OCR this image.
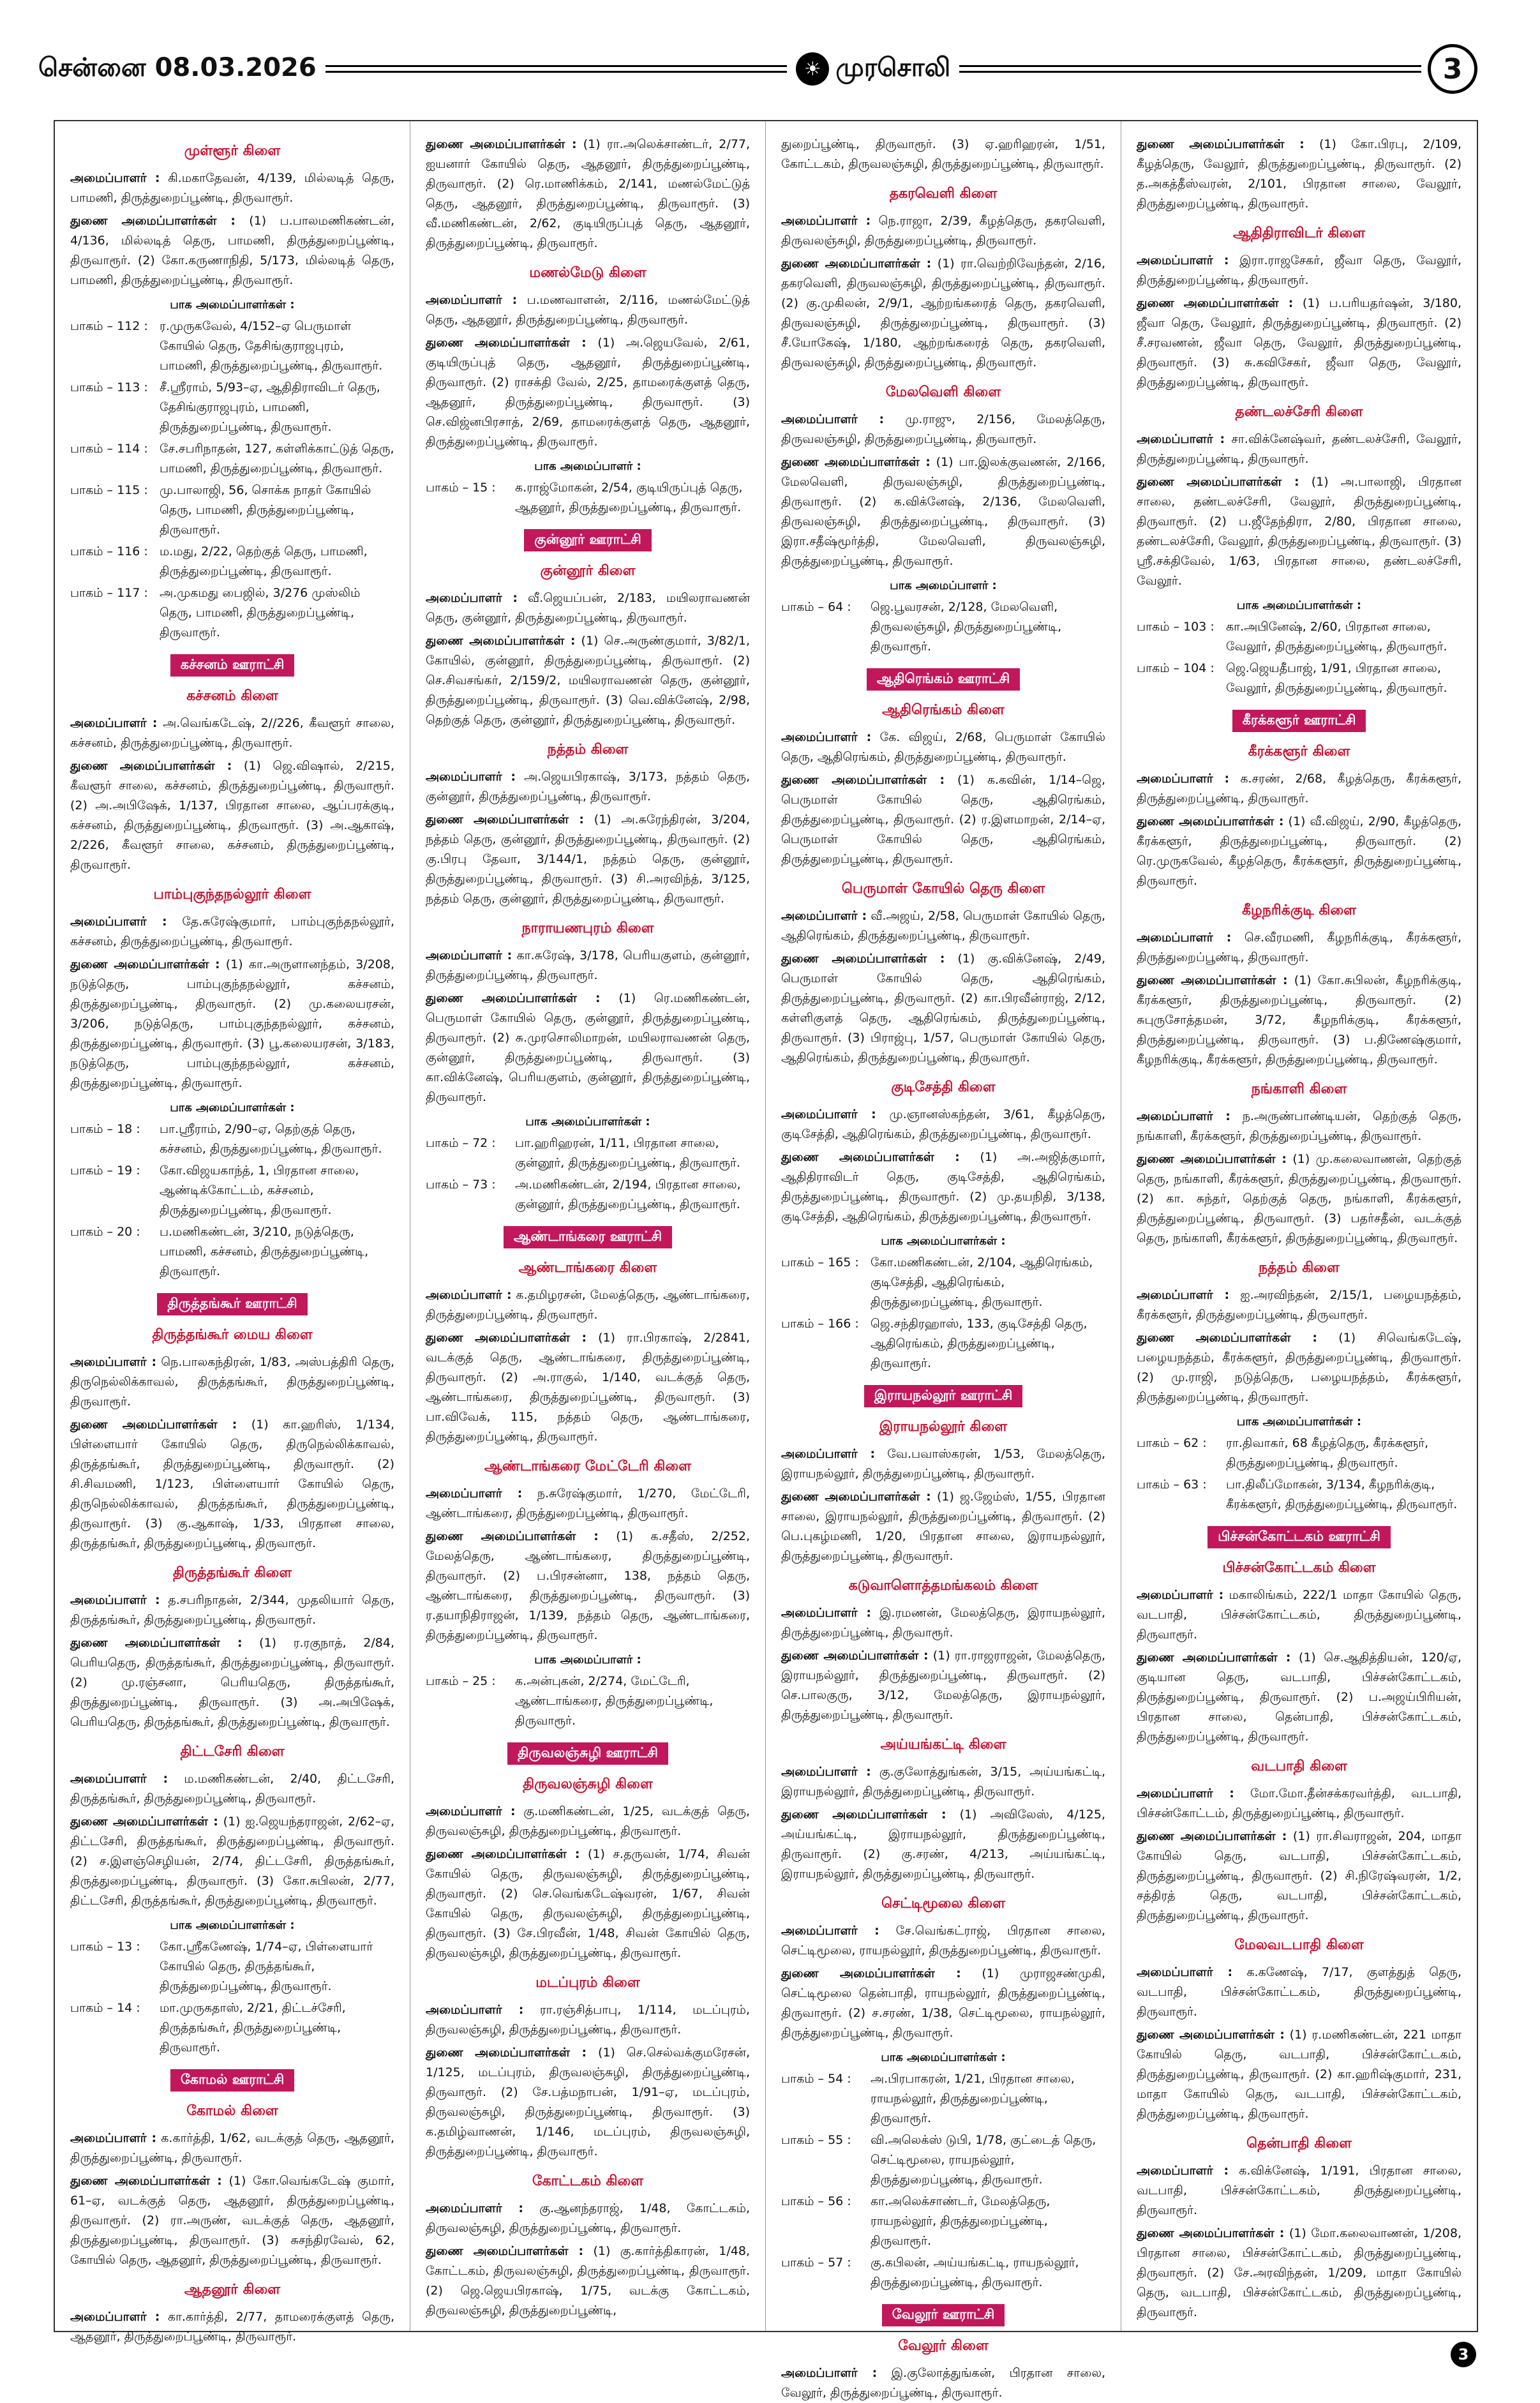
சென்னை 08.03.2026	☀ முரசொலி	3
முள்ளூர் கிளை
அமைப்பாளர் : கி.மகாதேவன், 4/139, மில்லடித் தெரு, பாமணி, திருத்துறைப்பூண்டி, திருவாரூர்.
துணை அமைப்பாளர்கள் : (1) ப.பாலமணிகண்டன், 4/136, மில்லடித் தெரு, பாமணி, திருத்துறைப்பூண்டி, திருவாரூர். (2) கோ.கருணாநிதி, 5/173, மில்லடித் தெரு, பாமணி, திருத்துறைப்பூண்டி, திருவாரூர்.
பாக அமைப்பாளர்கள் :
பாகம் – 112 : ர.முருகவேல், 4/152–ஏ பெருமாள் கோயில் தெரு, தேசிங்குராஜபுரம், பாமணி, திருத்துறைப்பூண்டி, திருவாரூர்.
பாகம் – 113 : சீ.ஸ்ரீராம், 5/93–ஏ, ஆதிதிராவிடர் தெரு, தேசிங்குராஜபுரம், பாமணி, திருத்துறைப்பூண்டி, திருவாரூர்.
பாகம் – 114 : சே.சபரிநாதன், 127, கள்ளிக்காட்டுத் தெரு, பாமணி, திருத்துறைப்பூண்டி, திருவாரூர்.
பாகம் – 115 : மு.பாலாஜி, 56, சொக்க நாதர் கோயில் தெரு, பாமணி, திருத்துறைப்பூண்டி, திருவாரூர்.
பாகம் – 116 : ம.மது, 2/22, தெற்குத் தெரு, பாமணி, திருத்துறைப்பூண்டி, திருவாரூர்.
பாகம் – 117 : அ.முகமது பைஜில், 3/276 முஸ்லிம் தெரு, பாமணி, திருத்துறைப்பூண்டி, திருவாரூர்.
கச்சனம் ஊராட்சி
கச்சனம் கிளை
அமைப்பாளர் : அ.வெங்கடேஷ், 2//226, கீவளூர் சாலை, கச்சனம், திருத்துறைப்பூண்டி, திருவாரூர்.
துணை அமைப்பாளர்கள் : (1) ஜெ.விஷால், 2/215, கீவளூர் சாலை, கச்சனம், திருத்துறைப்பூண்டி, திருவாரூர். (2) அ.அபிஷேக், 1/137, பிரதான சாலை, ஆப்பரக்குடி, கச்சனம், திருத்துறைப்பூண்டி, திருவாரூர். (3) அ.ஆகாஷ், 2/226, கீவளூர் சாலை, கச்சனம், திருத்துறைப்பூண்டி, திருவாரூர்.
பாம்புகுந்தநல்லூர் கிளை
அமைப்பாளர் : தே.சுரேஷ்குமார், பாம்புகுந்தநல்லூர், கச்சனம், திருத்துறைப்பூண்டி, திருவாரூர்.
துணை அமைப்பாளர்கள் : (1) கா.அருளானந்தம், 3/208, நடுத்தெரு, பாம்புகுந்தநல்லூர், கச்சனம், திருத்துறைப்பூண்டி, திருவாரூர். (2) மு.கலையரசன், 3/206, நடுத்தெரு, பாம்புகுந்தநல்லூர், கச்சனம், திருத்துறைப்பூண்டி, திருவாரூர். (3) பூ.கலையரசன், 3/183, நடுத்தெரு, பாம்புகுந்தநல்லூர், கச்சனம், திருத்துறைப்பூண்டி, திருவாரூர்.
பாக அமைப்பாளர்கள் :
பாகம் – 18 :	பா.ஸ்ரீராம், 2/90–ஏ, தெற்குத் தெரு, கச்சனம், திருத்துறைப்பூண்டி, திருவாரூர்.
பாகம் – 19 :	கோ.விஜயகாந்த், 1, பிரதான சாலை, ஆண்டிக்கோட்டம், கச்சனம், திருத்துறைப்பூண்டி, திருவாரூர்.
பாகம் – 20 :	ப.மணிகண்டன், 3/210, நடுத்தெரு, பாமணி, கச்சனம், திருத்துறைப்பூண்டி, திருவாரூர்.
திருத்தங்கூர் ஊராட்சி
திருத்தங்கூர் மைய கிளை
அமைப்பாளர் : நெ.பாலகந்திரன், 1/83, அஸ்பத்திரி தெரு, திருநெல்லிக்காவல், திருத்தங்கூர், திருத்துறைப்பூண்டி, திருவாரூர்.
துணை அமைப்பாளர்கள் : (1) கா.ஹரிஸ், 1/134, பிள்ளையார் கோயில் தெரு, திருநெல்லிக்காவல், திருத்தங்கூர், திருத்துறைப்பூண்டி, திருவாரூர். (2) சி.சிவமணி, 1/123, பிள்ளையார் கோயில் தெரு, திருநெல்லிக்காவல், திருத்தங்கூர், திருத்துறைப்பூண்டி, திருவாரூர். (3) கு.ஆகாஷ், 1/33, பிரதான சாலை, திருத்தங்கூர், திருத்துறைப்பூண்டி, திருவாரூர்.
திருத்தங்கூர் கிளை
அமைப்பாளர் : த.சபரிநாதன், 2/344, முதலியார் தெரு, திருத்தங்கூர், திருத்துறைப்பூண்டி, திருவாரூர்.
துணை அமைப்பாளர்கள் : (1) ர.ரகுநாத், 2/84, பெரியதெரு, திருத்தங்கூர், திருத்துறைப்பூண்டி, திருவாரூர். (2) மு.ரஞ்சனா, பெரியதெரு, திருத்தங்கூர், திருத்துறைப்பூண்டி, திருவாரூர். (3) அ.அபிஷேக், பெரியதெரு, திருத்தங்கூர், திருத்துறைப்பூண்டி, திருவாரூர்.
திட்டசேரி கிளை
அமைப்பாளர் : ம.மணிகண்டன், 2/40, திட்டசேரி, திருத்தங்கூர், திருத்துறைப்பூண்டி, திருவாரூர்.
துணை அமைப்பாளர்கள் : (1) ஐ.ஜெயந்தராஜன், 2/62–ஏ, திட்டசேரி, திருத்தங்கூர், திருத்துறைப்பூண்டி, திருவாரூர். (2) ச.இளஞ்செழியன், 2/74, திட்டசேரி, திருத்தங்கூர், திருத்துறைப்பூண்டி, திருவாரூர். (3) கோ.சுபிலன், 2/77, திட்டசேரி, திருத்தங்கூர், திருத்துறைப்பூண்டி, திருவாரூர்.
பாக அமைப்பாளர்கள் :
பாகம் – 13 :	கோ.ஸ்ரீகணேஷ், 1/74–ஏ, பிள்ளையார் கோயில் தெரு, திருத்தங்கூர், திருத்துறைப்பூண்டி, திருவாரூர்.
பாகம் – 14 :	மா.முருகதாஸ், 2/21, திட்டச்சேரி, திருத்தங்கூர், திருத்துறைப்பூண்டி, திருவாரூர்.
கோமல் ஊராட்சி
கோமல் கிளை
அமைப்பாளர் : க.கார்த்தி, 1/62, வடக்குத் தெரு, ஆதனூர், திருத்துறைப்பூண்டி, திருவாரூர்.
துணை அமைப்பாளர்கள் : (1) கோ.வெங்கடேஷ் குமார், 61–ஏ, வடக்குத் தெரு, ஆதனூர், திருத்துறைப்பூண்டி, திருவாரூர். (2) ரா.அருண், வடக்குத் தெரு, ஆதனூர், திருத்துறைப்பூண்டி, திருவாரூர். (3) சுசந்திரவேல், 62, கோயில் தெரு, ஆதனூர், திருத்துறைப்பூண்டி, திருவாரூர்.
ஆதனூர் கிளை
அமைப்பாளர் : கா.கார்த்தி, 2/77, தாமரைக்குளத் தெரு, ஆதனூர், திருத்துறைப்பூண்டி, திருவாரூர்.
துணை அமைப்பாளர்கள் : (1) ரா.அலெக்சாண்டர், 2/77, ஐயனார் கோயில் தெரு, ஆதனூர், திருத்துறைப்பூண்டி, திருவாரூர். (2) ரெ.மாணிக்கம், 2/141, மணல்மேட்டுத் தெரு, ஆதனூர், திருத்துறைப்பூண்டி, திருவாரூர். (3) வீ.மணிகண்டன், 2/62, குடியிருப்புத் தெரு, ஆதனூர், திருத்துறைப்பூண்டி, திருவாரூர்.
மணல்மேடு கிளை
அமைப்பாளர் : ப.மணவாளன், 2/116, மணல்மேட்டுத் தெரு, ஆதனூர், திருத்துறைப்பூண்டி, திருவாரூர்.
துணை அமைப்பாளர்கள் : (1) அ.ஜெயவேல், 2/61, குடியிருப்புத் தெரு, ஆதனூர், திருத்துறைப்பூண்டி, திருவாரூர். (2) ராசக்தி வேல், 2/25, தாமரைக்குளத் தெரு, ஆதனூர், திருத்துறைப்பூண்டி, திருவாரூர். (3) செ.விஜ்னபிரசாத், 2/69, தாமரைக்குளத் தெரு, ஆதனூர், திருத்துறைப்பூண்டி, திருவாரூர்.
பாக அமைப்பாளர் :
பாகம் – 15 :	க.ராஜ்மோகன், 2/54, குடியிருப்புத் தெரு, ஆதனூர், திருத்துறைப்பூண்டி, திருவாரூர்.
குன்னூர் ஊராட்சி
குன்னூர் கிளை
அமைப்பாளர் : வீ.ஜெயப்பன், 2/183, மயிலராவணன் தெரு, குன்னூர், திருத்துறைப்பூண்டி, திருவாரூர்.
துணை அமைப்பாளர்கள் : (1) செ.அருண்குமார், 3/82/1, கோயில், குன்னூர், திருத்துறைப்பூண்டி, திருவாரூர். (2) செ.சிவசங்கர், 2/159/2, மயிலராவணன் தெரு, குன்னூர், திருத்துறைப்பூண்டி, திருவாரூர். (3) வெ.விக்னேஷ், 2/98, தெற்குத் தெரு, குன்னூர், திருத்துறைப்பூண்டி, திருவாரூர்.
நத்தம் கிளை
அமைப்பாளர் : அ.ஜெயபிரகாஷ், 3/173, நத்தம் தெரு, குன்னூர், திருத்துறைப்பூண்டி, திருவாரூர்.
துணை அமைப்பாளர்கள் : (1) அ.சுரேந்திரன், 3/204, நத்தம் தெரு, குன்னூர், திருத்துறைப்பூண்டி, திருவாரூர். (2) கு.பிரபு தேவா, 3/144/1, நத்தம் தெரு, குன்னூர், திருத்துறைப்பூண்டி, திருவாரூர். (3) சி.அரவிந்த், 3/125, நத்தம் தெரு, குன்னூர், திருத்துறைப்பூண்டி, திருவாரூர்.
நாராயணபுரம் கிளை
அமைப்பாளர் : கா.சுரேஷ், 3/178, பெரியகுளம், குன்னூர், திருத்துறைப்பூண்டி, திருவாரூர்.
துணை அமைப்பாளர்கள் : (1) ரெ.மணிகண்டன், பெருமாள் கோயில் தெரு, குன்னூர், திருத்துறைப்பூண்டி, திருவாரூர். (2) சு.முரசொலிமாறன், மயிலராவணன் தெரு, குன்னூர், திருத்துறைப்பூண்டி, திருவாரூர். (3) கா.விக்னேஷ், பெரியகுளம், குன்னூர், திருத்துறைப்பூண்டி, திருவாரூர்.
பாக அமைப்பாளர்கள் :
பாகம் – 72 :	பா.ஹரிஹரன், 1/11, பிரதான சாலை, குன்னூர், திருத்துறைப்பூண்டி, திருவாரூர்.
பாகம் – 73 :	அ.மணிகண்டன், 2/194, பிரதான சாலை, குன்னூர், திருத்துறைப்பூண்டி, திருவாரூர்.
ஆண்டாங்கரை ஊராட்சி
ஆண்டாங்கரை கிளை
அமைப்பாளர் : க.தமிழரசன், மேலத்தெரு, ஆண்டாங்கரை, திருத்துறைப்பூண்டி, திருவாரூர்.
துணை அமைப்பாளர்கள் : (1) ரா.பிரகாஷ், 2/2841, வடக்குத் தெரு, ஆண்டாங்கரை, திருத்துறைப்பூண்டி, திருவாரூர். (2) அ.ராகுல், 1/140, வடக்குத் தெரு, ஆண்டாங்கரை, திருத்துறைப்பூண்டி, திருவாரூர். (3) பா.விவேக், 115, நத்தம் தெரு, ஆண்டாங்கரை, திருத்துறைப்பூண்டி, திருவாரூர்.
ஆண்டாங்கரை மேட்டேரி கிளை
அமைப்பாளர் : ந.சுரேஷ்குமார், 1/270, மேட்டேரி, ஆண்டாங்கரை, திருத்துறைப்பூண்டி, திருவாரூர்.
துணை அமைப்பாளர்கள் : (1) க.சதீஸ், 2/252, மேலத்தெரு, ஆண்டாங்கரை, திருத்துறைப்பூண்டி, திருவாரூர். (2) ப.பிரசன்னா, 138, நத்தம் தெரு, ஆண்டாங்கரை, திருத்துறைப்பூண்டி, திருவாரூர். (3) ர.தயாநிதிராஜன், 1/139, நத்தம் தெரு, ஆண்டாங்கரை, திருத்துறைப்பூண்டி, திருவாரூர்.
பாக அமைப்பாளர் :
பாகம் – 25 :	க.அன்புகன், 2/274, மேட்டேரி, ஆண்டாங்கரை, திருத்துறைப்பூண்டி, திருவாரூர்.
திருவலஞ்சுழி ஊராட்சி
திருவலஞ்சுழி கிளை
அமைப்பாளர் : கு.மணிகண்டன், 1/25, வடக்குத் தெரு, திருவலஞ்சுழி, திருத்துறைப்பூண்டி, திருவாரூர்.
துணை அமைப்பாளர்கள் : (1) ச.தருவன், 1/74, சிவன் கோயில் தெரு, திருவலஞ்சுழி, திருத்துறைப்பூண்டி, திருவாரூர். (2) செ.வெங்கடேஷ்வரன், 1/67, சிவன் கோயில் தெரு, திருவலஞ்சுழி, திருத்துறைப்பூண்டி, திருவாரூர். (3) சே.பிரவீன், 1/48, சிவன் கோயில் தெரு, திருவலஞ்சுழி, திருத்துறைப்பூண்டி, திருவாரூர்.
மடப்புரம் கிளை
அமைப்பாளர் : ரா.ரஞ்சித்பாபு, 1/114, மடப்புரம், திருவலஞ்சுழி, திருத்துறைப்பூண்டி, திருவாரூர்.
துணை அமைப்பாளர்கள் : (1) செ.செல்வக்குமரேசன், 1/125, மடப்புரம், திருவலஞ்சுழி, திருத்துறைப்பூண்டி, திருவாரூர். (2) சே.பத்மநாபன், 1/91–ஏ, மடப்புரம், திருவலஞ்சுழி, திருத்துறைப்பூண்டி, திருவாரூர். (3) க.தமிழ்வாணன், 1/146, மடப்புரம், திருவலஞ்சுழி, திருத்துறைப்பூண்டி, திருவாரூர்.
கோட்டகம் கிளை
அமைப்பாளர் : கு.ஆனந்தராஜ், 1/48, கோட்டகம், திருவலஞ்சுழி, திருத்துறைப்பூண்டி, திருவாரூர்.
துணை அமைப்பாளர்கள் : (1) கு.கார்த்திகாரன், 1/48, கோட்டகம், திருவலஞ்சுழி, திருத்துறைப்பூண்டி, திருவாரூர். (2) ஜெ.ஜெயபிரகாஷ், 1/75, வடக்கு கோட்டகம், திருவலஞ்சுழி, திருத்துறைப்பூண்டி,
துறைப்பூண்டி, திருவாரூர். (3) ஏ.ஹரிஹரன், 1/51, கோட்டகம், திருவலஞ்சுழி, திருத்துறைப்பூண்டி, திருவாரூர்.
தகரவெளி கிளை
அமைப்பாளர் : நெ.ராஜா, 2/39, கீழத்தெரு, தகரவெளி, திருவலஞ்சுழி, திருத்துறைப்பூண்டி, திருவாரூர்.
துணை அமைப்பாளர்கள் : (1) ரா.வெற்றிவேந்தன், 2/16, தகரவெளி, திருவலஞ்சுழி, திருத்துறைப்பூண்டி, திருவாரூர். (2) கு.முகிலன், 2/9/1, ஆற்றங்கரைத் தெரு, தகரவெளி, திருவலஞ்சுழி, திருத்துறைப்பூண்டி, திருவாரூர். (3) சீ.யோகேஷ், 1/180, ஆற்றங்கரைத் தெரு, தகரவெளி, திருவலஞ்சுழி, திருத்துறைப்பூண்டி, திருவாரூர்.
மேலவெளி கிளை
அமைப்பாளர் : மு.ராஜு, 2/156, மேலத்தெரு, திருவலஞ்சுழி, திருத்துறைப்பூண்டி, திருவாரூர்.
துணை அமைப்பாளர்கள் : (1) பா.இலக்குவணன், 2/166, மேலவெளி, திருவலஞ்சுழி, திருத்துறைப்பூண்டி, திருவாரூர். (2) க.விக்னேஷ், 2/136, மேலவெளி, திருவலஞ்சுழி, திருத்துறைப்பூண்டி, திருவாரூர். (3) இரா.சதீஷ்மூர்த்தி, மேலவெளி, திருவலஞ்சுழி, திருத்துறைப்பூண்டி, திருவாரூர்.
பாக அமைப்பாளர் :
பாகம் – 64 :	ஜெ.பூவரசன், 2/128, மேலவெளி, திருவலஞ்சுழி, திருத்துறைப்பூண்டி, திருவாரூர்.
ஆதிரெங்கம் ஊராட்சி
ஆதிரெங்கம் கிளை
அமைப்பாளர் : கே. விஜய், 2/68, பெருமாள் கோயில் தெரு, ஆதிரெங்கம், திருத்துறைப்பூண்டி, திருவாரூர்.
துணை அமைப்பாளர்கள் : (1) க.கவின், 1/14–ஜெ, பெருமாள் கோயில் தெரு, ஆதிரெங்கம், திருத்துறைப்பூண்டி, திருவாரூர். (2) ர.இளமாறன், 2/14–ஏ, பெருமாள் கோயில் தெரு, ஆதிரெங்கம், திருத்துறைப்பூண்டி, திருவாரூர்.
பெருமாள் கோயில் தெரு கிளை
அமைப்பாளர் : வீ.அஜய், 2/58, பெருமாள் கோயில் தெரு, ஆதிரெங்கம், திருத்துறைப்பூண்டி, திருவாரூர்.
துணை அமைப்பாளர்கள் : (1) கு.விக்னேஷ், 2/49, பெருமாள் கோயில் தெரு, ஆதிரெங்கம், திருத்துறைப்பூண்டி, திருவாரூர். (2) கா.பிரவீன்ராஜ், 2/12, கள்ளிகுளத் தெரு, ஆதிரெங்கம், திருத்துறைப்பூண்டி, திருவாரூர். (3) பிராஜ்பு, 1/57, பெருமாள் கோயில் தெரு, ஆதிரெங்கம், திருத்துறைப்பூண்டி, திருவாரூர்.
குடிசேத்தி கிளை
அமைப்பாளர் : மு.ஞானஸ்கந்தன், 3/61, கீழத்தெரு, குடிசேத்தி, ஆதிரெங்கம், திருத்துறைப்பூண்டி, திருவாரூர்.
துணை அமைப்பாளர்கள் : (1) அ.அஜித்குமார், ஆதிதிராவிடர் தெரு, குடிசேத்தி, ஆதிரெங்கம், திருத்துறைப்பூண்டி, திருவாரூர். (2) மு.தயநிதி, 3/138, குடிசேத்தி, ஆதிரெங்கம், திருத்துறைப்பூண்டி, திருவாரூர்.
பாக அமைப்பாளர்கள் :
பாகம் – 165 : கோ.மணிகண்டன், 2/104, ஆதிரெங்கம், குடிசேத்தி, ஆதிரெங்கம், திருத்துறைப்பூண்டி, திருவாரூர்.
பாகம் – 166 : ஜெ.சந்திரஹாஸ், 133, குடிசேத்தி தெரு, ஆதிரெங்கம், திருத்துறைப்பூண்டி, திருவாரூர்.
இராயநல்லூர் ஊராட்சி
இராயநல்லூர் கிளை
அமைப்பாளர் : வே.பவாஸ்கரன், 1/53, மேலத்தெரு, இராயநல்லூர், திருத்துறைப்பூண்டி, திருவாரூர்.
துணை அமைப்பாளர்கள் : (1) ஜ.ஜேம்ஸ், 1/55, பிரதான சாலை, இராயநல்லூர், திருத்துறைப்பூண்டி, திருவாரூர். (2) பெ.புகழ்மணி, 1/20, பிரதான சாலை, இராயநல்லூர், திருத்துறைப்பூண்டி, திருவாரூர்.
கடுவாளொத்தமங்கலம் கிளை
அமைப்பாளர் : இ.ரமணன், மேலத்தெரு, இராயநல்லூர், திருத்துறைப்பூண்டி, திருவாரூர்.
துணை அமைப்பாளர்கள் : (1) ரா.ராஜராஜன், மேலத்தெரு, இராயநல்லூர், திருத்துறைப்பூண்டி, திருவாரூர். (2) செ.பாலகுரு, 3/12, மேலத்தெரு, இராயநல்லூர், திருத்துறைப்பூண்டி, திருவாரூர்.
அய்யங்கட்டி கிளை
அமைப்பாளர் : கு.குலோத்துங்கன், 3/15, அய்யங்கட்டி, இராயநல்லூர், திருத்துறைப்பூண்டி, திருவாரூர்.
துணை அமைப்பாளர்கள் : (1) அவிலேஸ், 4/125, அய்யங்கட்டி, இராயநல்லூர், திருத்துறைப்பூண்டி, திருவாரூர். (2) கு.சரண், 4/213, அய்யங்கட்டி, இராயநல்லூர், திருத்துறைப்பூண்டி, திருவாரூர்.
செட்டிமூலை கிளை
அமைப்பாளர் : சே.வெங்கட்ராஜ், பிரதான சாலை, செட்டிமூலை, ராயநல்லூர், திருத்துறைப்பூண்டி, திருவாரூர்.
துணை அமைப்பாளர்கள் : (1) முராஜசண்முகி, செட்டிமூலை தென்பாதி, ராயநல்லூர், திருத்துறைப்பூண்டி, திருவாரூர். (2) ச.சரண், 1/38, செட்டிமூலை, ராயநல்லூர், திருத்துறைப்பூண்டி, திருவாரூர்.
பாக அமைப்பாளர்கள் :
பாகம் – 54 :	அ.பிரபாகரன், 1/21, பிரதான சாலை, ராயநல்லூர், திருத்துறைப்பூண்டி, திருவாரூர்.
பாகம் – 55 :	வி.அலெக்ஸ் டுபி, 1/78, குட்டைத் தெரு, செட்டிமூலை, ராயநல்லூர், திருத்துறைப்பூண்டி, திருவாரூர்.
பாகம் – 56 :	கா.அலெக்சாண்டர், மேலத்தெரு, ராயநல்லூர், திருத்துறைப்பூண்டி, திருவாரூர்.
பாகம் – 57 :	கு.கபிலன், அய்யங்கட்டி, ராயநல்லூர், திருத்துறைப்பூண்டி, திருவாரூர்.
வேலூர் ஊராட்சி
வேலூர் கிளை
அமைப்பாளர் : இ.குலோத்துங்கன், பிரதான சாலை, வேலூர், திருத்துறைப்பூண்டி, திருவாரூர்.
துணை அமைப்பாளர்கள் : (1) கோ.பிரபு, 2/109, கீழத்தெரு, வேலூர், திருத்துறைப்பூண்டி, திருவாரூர். (2) த.அகத்தீஸ்வரன், 2/101, பிரதான சாலை, வேலூர், திருத்துறைப்பூண்டி, திருவாரூர்.
ஆதிதிராவிடர் கிளை
அமைப்பாளர் : இரா.ராஜசேகர், ஜீவா தெரு, வேலூர், திருத்துறைப்பூண்டி, திருவாரூர்.
துணை அமைப்பாளர்கள் : (1) ப.பரியதர்ஷன், 3/180, ஜீவா தெரு, வேலூர், திருத்துறைப்பூண்டி, திருவாரூர். (2) சீ.சரவணன், ஜீவா தெரு, வேலூர், திருத்துறைப்பூண்டி, திருவாரூர். (3) சு.கவிசேகர், ஜீவா தெரு, வேலூர், திருத்துறைப்பூண்டி, திருவாரூர்.
தண்டலச்சேரி கிளை
அமைப்பாளர் : சா.விக்னேஷ்வர், தண்டலச்சேரி, வேலூர், திருத்துறைப்பூண்டி, திருவாரூர்.
துணை அமைப்பாளர்கள் : (1) அ.பாலாஜி, பிரதான சாலை, தண்டலச்சேரி, வேலூர், திருத்துறைப்பூண்டி, திருவாரூர். (2) ப.ஜீதேந்திரா, 2/80, பிரதான சாலை, தண்டலச்சேரி, வேலூர், திருத்துறைப்பூண்டி, திருவாரூர். (3) ஸ்ரீ.சக்திவேல், 1/63, பிரதான சாலை, தண்டலச்சேரி, வேலூர்.
பாக அமைப்பாளர்கள் :
பாகம் – 103 : கா.அபினேஷ், 2/60, பிரதான சாலை, வேலூர், திருத்துறைப்பூண்டி, திருவாரூர்.
பாகம் – 104 : ஜெ.ஜெயதீபாஜ், 1/91, பிரதான சாலை, வேலூர், திருத்துறைப்பூண்டி, திருவாரூர்.
கீரக்களூர் ஊராட்சி
கீரக்களூர் கிளை
அமைப்பாளர் : க.சரண், 2/68, கீழத்தெரு, கீரக்களூர், திருத்துறைப்பூண்டி, திருவாரூர்.
துணை அமைப்பாளர்கள் : (1) வீ.விஜய், 2/90, கீழத்தெரு, கீரக்களூர், திருத்துறைப்பூண்டி, திருவாரூர். (2) ரெ.முருகவேல், கீழத்தெரு, கீரக்களூர், திருத்துறைப்பூண்டி, திருவாரூர்.
கீழநரிக்குடி கிளை
அமைப்பாளர் : செ.வீரமணி, கீழநரிக்குடி, கீரக்களூர், திருத்துறைப்பூண்டி, திருவாரூர்.
துணை அமைப்பாளர்கள் : (1) கோ.சுபிலன், கீழநரிக்குடி, கீரக்களூர், திருத்துறைப்பூண்டி, திருவாரூர். (2) சுபுருசோத்தமன், 3/72, கீழநரிக்குடி, கீரக்களூர், திருத்துறைப்பூண்டி, திருவாரூர். (3) ப.திணேஷ்குமார், கீழநரிக்குடி, கீரக்களூர், திருத்துறைப்பூண்டி, திருவாரூர்.
நங்காளி கிளை
அமைப்பாளர் : ந.அருண்பாண்டியன், தெற்குத் தெரு, நங்காளி, கீரக்களூர், திருத்துறைப்பூண்டி, திருவாரூர்.
துணை அமைப்பாளர்கள் : (1) மு.கலைவாணன், தெற்குத் தெரு, நங்காளி, கீரக்களூர், திருத்துறைப்பூண்டி, திருவாரூர். (2) கா. சுந்தர், தெற்குத் தெரு, நங்காளி, கீரக்களூர், திருத்துறைப்பூண்டி, திருவாரூர். (3) பதர்சதீன், வடக்குத் தெரு, நங்காளி, கீரக்களூர், திருத்துறைப்பூண்டி, திருவாரூர்.
நத்தம் கிளை
அமைப்பாளர் : ஐ.அரவிந்தன், 2/15/1, பழையநத்தம், கீரக்களூர், திருத்துறைப்பூண்டி, திருவாரூர்.
துணை அமைப்பாளர்கள் : (1) சிவெங்கடேஷ், பழையநத்தம், கீரக்களூர், திருத்துறைப்பூண்டி, திருவாரூர். (2) மு.ராஜி, நடுத்தெரு, பழையநத்தம், கீரக்களூர், திருத்துறைப்பூண்டி, திருவாரூர்.
பாக அமைப்பாளர்கள் :
பாகம் – 62 :	ரா.திவாகர், 68 கீழத்தெரு, கீரக்களூர், திருத்துறைப்பூண்டி, திருவாரூர்.
பாகம் – 63 :	பா.திலீப்மோகன், 3/134, கீழநரிக்குடி, கீரக்களூர், திருத்துறைப்பூண்டி, திருவாரூர்.
பிச்சன்கோட்டகம் ஊராட்சி
பிச்சன்கோட்டகம் கிளை
அமைப்பாளர் : மகாலிங்கம், 222/1 மாதா கோயில் தெரு, வடபாதி, பிச்சன்கோட்டகம், திருத்துறைப்பூண்டி, திருவாரூர்.
துணை அமைப்பாளர்கள் : (1) செ.ஆதித்தியன், 120/ஏ, குடியான தெரு, வடபாதி, பிச்சன்கோட்டகம், திருத்துறைப்பூண்டி, திருவாரூர். (2) ப.அஜய்பிரியன், பிரதான சாலை, தென்பாதி, பிச்சன்கோட்டகம், திருத்துறைப்பூண்டி, திருவாரூர்.
வடபாதி கிளை
அமைப்பாளர் : மோ.மோ.தீன்சக்கரவர்த்தி, வடபாதி, பிச்சன்கோட்டம், திருத்துறைப்பூண்டி, திருவாரூர்.
துணை அமைப்பாளர்கள் : (1) ரா.சிவராஜன், 204, மாதா கோயில் தெரு, வடபாதி, பிச்சன்கோட்டகம், திருத்துறைப்பூண்டி, திருவாரூர். (2) சி.நிரேஷ்வரன், 1/2, சத்திரத் தெரு, வடபாதி, பிச்சன்கோட்டகம், திருத்துறைப்பூண்டி, திருவாரூர்.
மேலவடபாதி கிளை
அமைப்பாளர் : க.கணேஷ், 7/17, குளத்துத் தெரு, வடபாதி, பிச்சன்கோட்டகம், திருத்துறைப்பூண்டி, திருவாரூர்.
துணை அமைப்பாளர்கள் : (1) ர.மணிகண்டன், 221 மாதா கோயில் தெரு, வடபாதி, பிச்சன்கோட்டகம், திருத்துறைப்பூண்டி, திருவாரூர். (2) கா.ஹரிஷ்குமார், 231, மாதா கோயில் தெரு, வடபாதி, பிச்சன்கோட்டகம், திருத்துறைப்பூண்டி, திருவாரூர்.
தென்பாதி கிளை
அமைப்பாளர் : க.விக்னேஷ், 1/191, பிரதான சாலை, வடபாதி, பிச்சன்கோட்டகம், திருத்துறைப்பூண்டி, திருவாரூர்.
துணை அமைப்பாளர்கள் : (1) மோ.கலைவாணன், 1/208, பிரதான சாலை, பிச்சன்கோட்டகம், திருத்துறைப்பூண்டி, திருவாரூர். (2) சே.அரவிந்தன், 1/209, மாதா கோயில் தெரு, வடபாதி, பிச்சன்கோட்டகம், திருத்துறைப்பூண்டி, திருவாரூர்.
3
